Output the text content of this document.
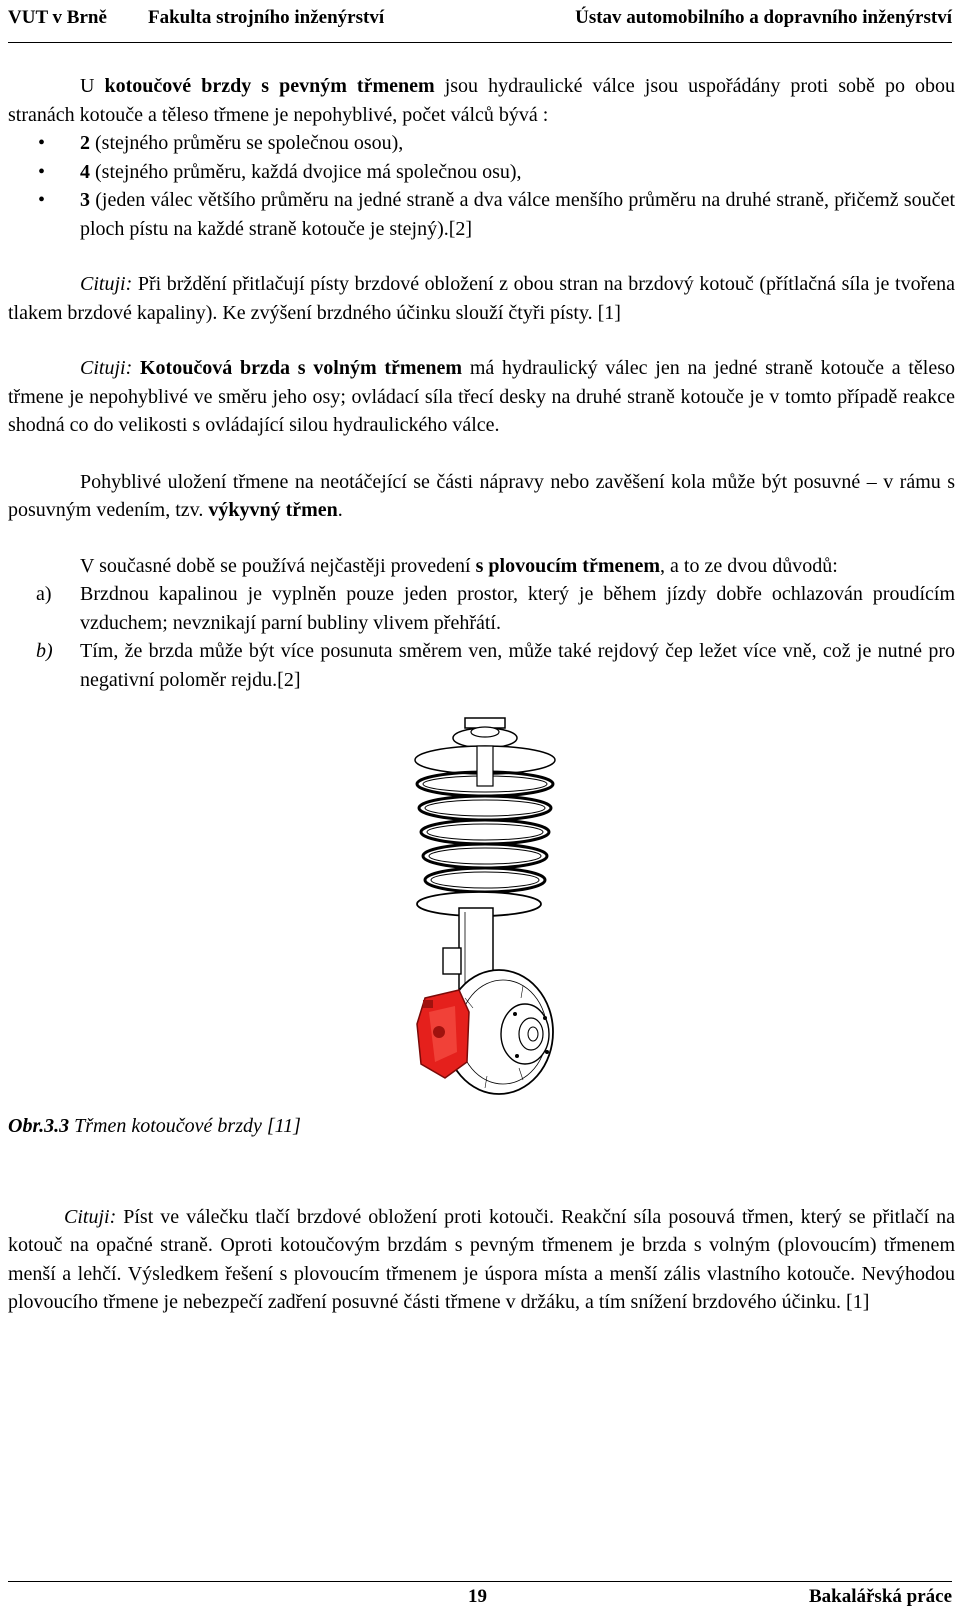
VUT v Brně Fakulta strojního inženýrství	Ústav automobilního a dopravního inženýrství

U kotoučové brzdy s pevným třmenem jsou hydraulické válce jsou uspořádány proti sobě po obou stranách kotouče a těleso třmene je nepohyblivé, počet válců bývá :

• 2 (stejného průměru se společnou osou),
• 4 (stejného průměru, každá dvojice má společnou osu),
• 3 (jeden válec většího průměru na jedné straně a dva válce menšího průměru na druhé straně, přičemž součet ploch pístu na každé straně kotouče je stejný).[2]

Cituji: Při brždění přitlačují písty brzdové obložení z obou stran na brzdový kotouč (přítlačná síla je tvořena tlakem brzdové kapaliny). Ke zvýšení brzdného účinku slouží čtyři písty. [1]

Cituji: Kotoučová brzda s volným třmenem má hydraulický válec jen na jedné straně kotouče a těleso třmene je nepohyblivé ve směru jeho osy; ovládací síla třecí desky na druhé straně kotouče je v tomto případě reakce shodná co do velikosti s ovládající silou hydraulického válce.

Pohyblivé uložení třmene na neotáčející se části nápravy nebo zavěšení kola může být posuvné – v rámu s posuvným vedením, tzv. výkyvný třmen.

V současné době se používá nejčastěji provedení s plovoucím třmenem, a to ze dvou důvodů:

a) Brzdnou kapalinou je vyplněn pouze jeden prostor, který je během jízdy dobře ochlazován proudícím vzduchem; nevznikají parní bubliny vlivem přehřátí.
b) Tím, že brzda může být více posunuta směrem ven, může také rejdový čep ležet více vně, což je nutné pro negativní poloměr rejdu.[2]

Obr.3.3 Třmen kotoučové brzdy [11]

Cituji: Píst ve válečku tlačí brzdové obložení proti kotouči. Reakční síla posouvá třmen, který se přitlačí na kotouč na opačné straně. Oproti kotoučovým brzdám s pevným třmenem je brzda s volným (plovoucím) třmenem menší a lehčí. Výsledkem řešení s plovoucím třmenem je úspora místa a menší zális vlastního kotouče. Nevýhodou plovoucího třmene je nebezpečí zadření posuvné části třmene v držáku, a tím snížení brzdového účinku. [1]

19	Bakalářská práce
